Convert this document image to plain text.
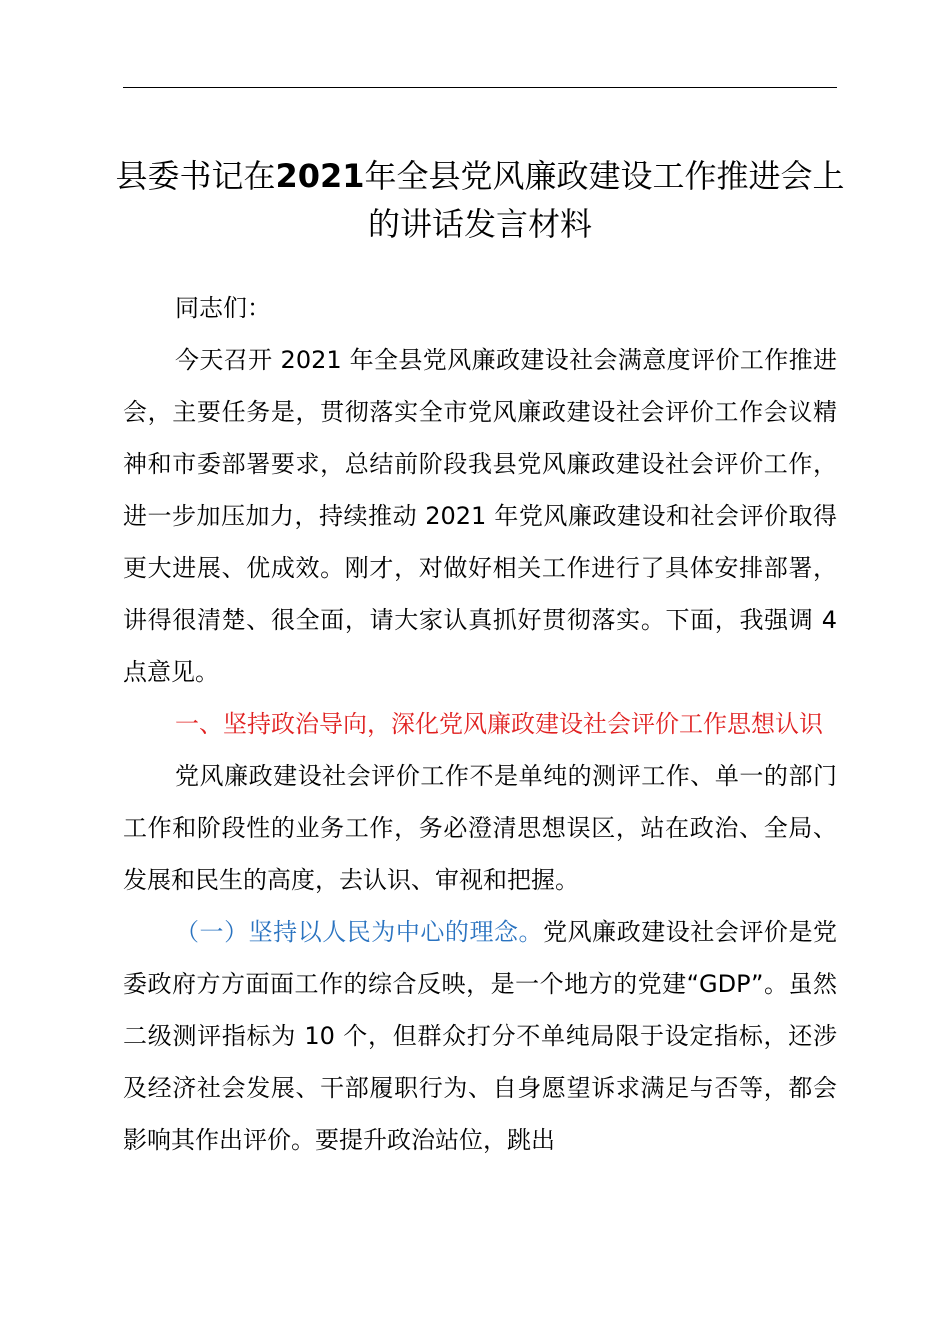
县委书记在2021年全县党风廉政建设工作推进会上的讲话发言材料

同志们：

今天召开 2021 年全县党风廉政建设社会满意度评价工作推进会，主要任务是，贯彻落实全市党风廉政建设社会评价工作会议精神和市委部署要求，总结前阶段我县党风廉政建设社会评价工作，进一步加压加力，持续推动 2021 年党风廉政建设和社会评价取得更大进展、优成效。刚才，对做好相关工作进行了具体安排部署，讲得很清楚、很全面，请大家认真抓好贯彻落实。下面，我强调 4 点意见。

一、坚持政治导向，深化党风廉政建设社会评价工作思想认识

党风廉政建设社会评价工作不是单纯的测评工作、单一的部门工作和阶段性的业务工作，务必澄清思想误区，站在政治、全局、发展和民生的高度，去认识、审视和把握。

（一）坚持以人民为中心的理念。党风廉政建设社会评价是党委政府方方面面工作的综合反映，是一个地方的党建“GDP”。虽然二级测评指标为 10 个，但群众打分不单纯局限于设定指标，还涉及经济社会发展、干部履职行为、自身愿望诉求满足与否等，都会影响其作出评价。要提升政治站位，跳出
